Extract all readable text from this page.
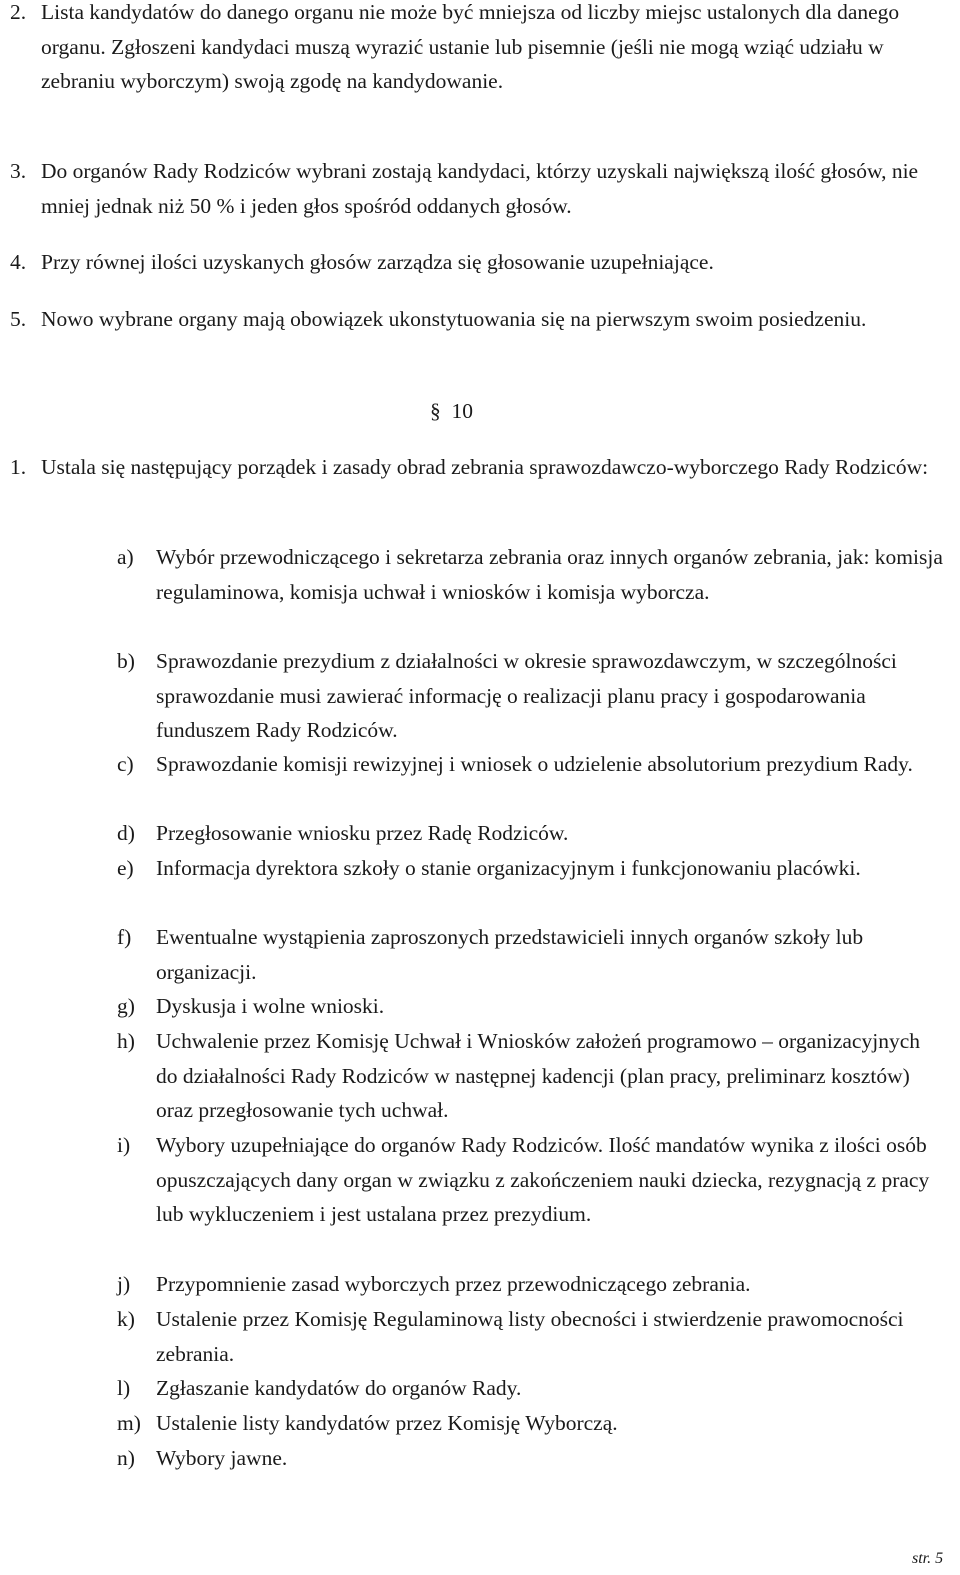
2. Lista kandydatów do danego organu nie może być mniejsza od liczby miejsc ustalonych dla danego organu. Zgłoszeni kandydaci muszą wyrazić ustanie lub pisemnie (jeśli nie mogą wziąć udziału w zebraniu wyborczym) swoją zgodę na kandydowanie.
3. Do organów Rady Rodziców wybrani zostają kandydaci, którzy uzyskali największą ilość głosów, nie mniej jednak niż 50 % i jeden głos spośród oddanych głosów.
4. Przy równej ilości uzyskanych głosów zarządza się głosowanie uzupełniające.
5. Nowo wybrane organy mają obowiązek ukonstytuowania się na pierwszym swoim posiedzeniu.
§ 10
1. Ustala się następujący porządek i zasady obrad zebrania sprawozdawczo-wyborczego Rady Rodziców:
a) Wybór przewodniczącego i sekretarza zebrania oraz innych organów zebrania, jak: komisja regulaminowa, komisja uchwał i wniosków i komisja wyborcza.
b) Sprawozdanie prezydium z działalności w okresie sprawozdawczym, w szczególności sprawozdanie musi zawierać informację o realizacji planu pracy i gospodarowania funduszem Rady Rodziców.
c) Sprawozdanie komisji rewizyjnej i wniosek o udzielenie absolutorium prezydium Rady.
d) Przegłosowanie wniosku przez Radę Rodziców.
e) Informacja dyrektora szkoły o stanie organizacyjnym i funkcjonowaniu placówki.
f) Ewentualne wystąpienia zaproszonych przedstawicieli innych organów szkoły lub organizacji.
g) Dyskusja i wolne wnioski.
h) Uchwalenie przez Komisję Uchwał i Wniosków założeń programowo – organizacyjnych do działalności Rady Rodziców w następnej kadencji (plan pracy, preliminarz kosztów) oraz przegłosowanie tych uchwał.
i) Wybory uzupełniające do organów Rady Rodziców. Ilość mandatów wynika z ilości osób opuszczających dany organ w związku z zakończeniem nauki dziecka, rezygnacją z pracy lub wykluczeniem i jest ustalana przez prezydium.
j) Przypomnienie zasad wyborczych przez przewodniczącego zebrania.
k) Ustalenie przez Komisję Regulaminową listy obecności i stwierdzenie prawomocności zebrania.
l) Zgłaszanie kandydatów do organów Rady.
m) Ustalenie listy kandydatów przez Komisję Wyborczą.
n) Wybory jawne.
str. 5
